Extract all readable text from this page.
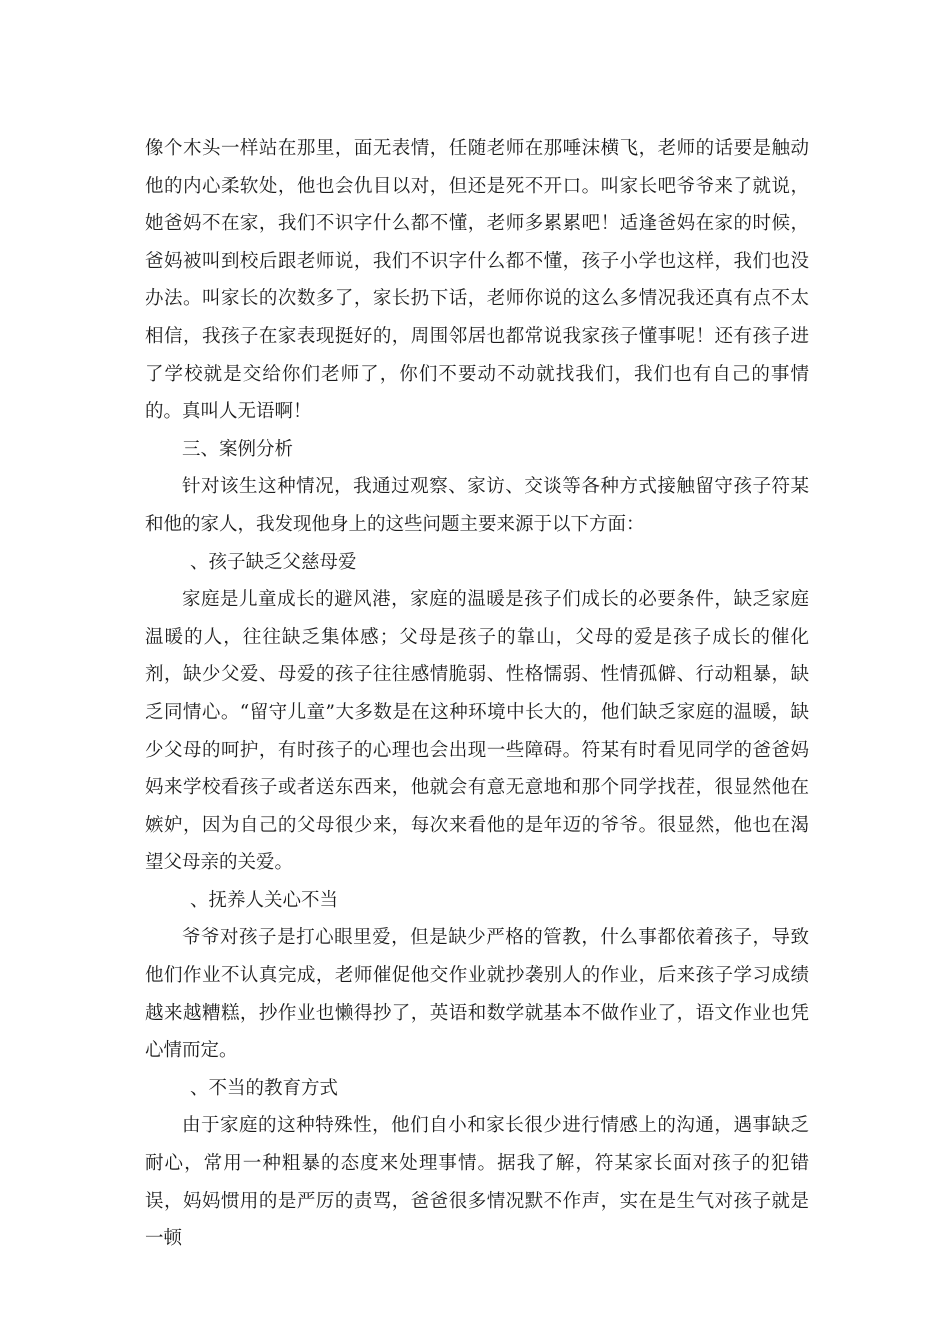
像个木头一样站在那里，面无表情，任随老师在那唾沫横飞，老师的话要是触动他的内心柔软处，他也会仇目以对，但还是死不开口。叫家长吧爷爷来了就说，她爸妈不在家，我们不识字什么都不懂，老师多累累吧！适逢爸妈在家的时候，爸妈被叫到校后跟老师说，我们不识字什么都不懂，孩子小学也这样，我们也没办法。叫家长的次数多了，家长扔下话，老师你说的这么多情况我还真有点不太相信，我孩子在家表现挺好的，周围邻居也都常说我家孩子懂事呢！还有孩子进了学校就是交给你们老师了，你们不要动不动就找我们，我们也有自己的事情的。真叫人无语啊！

三、案例分析

针对该生这种情况，我通过观察、家访、交谈等各种方式接触留守孩子符某和他的家人，我发现他身上的这些问题主要来源于以下方面：

、孩子缺乏父慈母爱

家庭是儿童成长的避风港，家庭的温暖是孩子们成长的必要条件，缺乏家庭温暖的人，往往缺乏集体感；父母是孩子的靠山，父母的爱是孩子成长的催化剂，缺少父爱、母爱的孩子往往感情脆弱、性格懦弱、性情孤僻、行动粗暴，缺乏同情心。“留守儿童”大多数是在这种环境中长大的，他们缺乏家庭的温暖，缺少父母的呵护，有时孩子的心理也会出现一些障碍。符某有时看见同学的爸爸妈妈来学校看孩子或者送东西来，他就会有意无意地和那个同学找茬，很显然他在嫉妒，因为自己的父母很少来，每次来看他的是年迈的爷爷。很显然，他也在渴望父母亲的关爱。

、抚养人关心不当

爷爷对孩子是打心眼里爱，但是缺少严格的管教，什么事都依着孩子，导致他们作业不认真完成，老师催促他交作业就抄袭别人的作业，后来孩子学习成绩越来越糟糕，抄作业也懒得抄了，英语和数学就基本不做作业了，语文作业也凭心情而定。

、不当的教育方式

由于家庭的这种特殊性，他们自小和家长很少进行情感上的沟通，遇事缺乏耐心，常用一种粗暴的态度来处理事情。据我了解，符某家长面对孩子的犯错误，妈妈惯用的是严厉的责骂，爸爸很多情况默不作声，实在是生气对孩子就是一顿
